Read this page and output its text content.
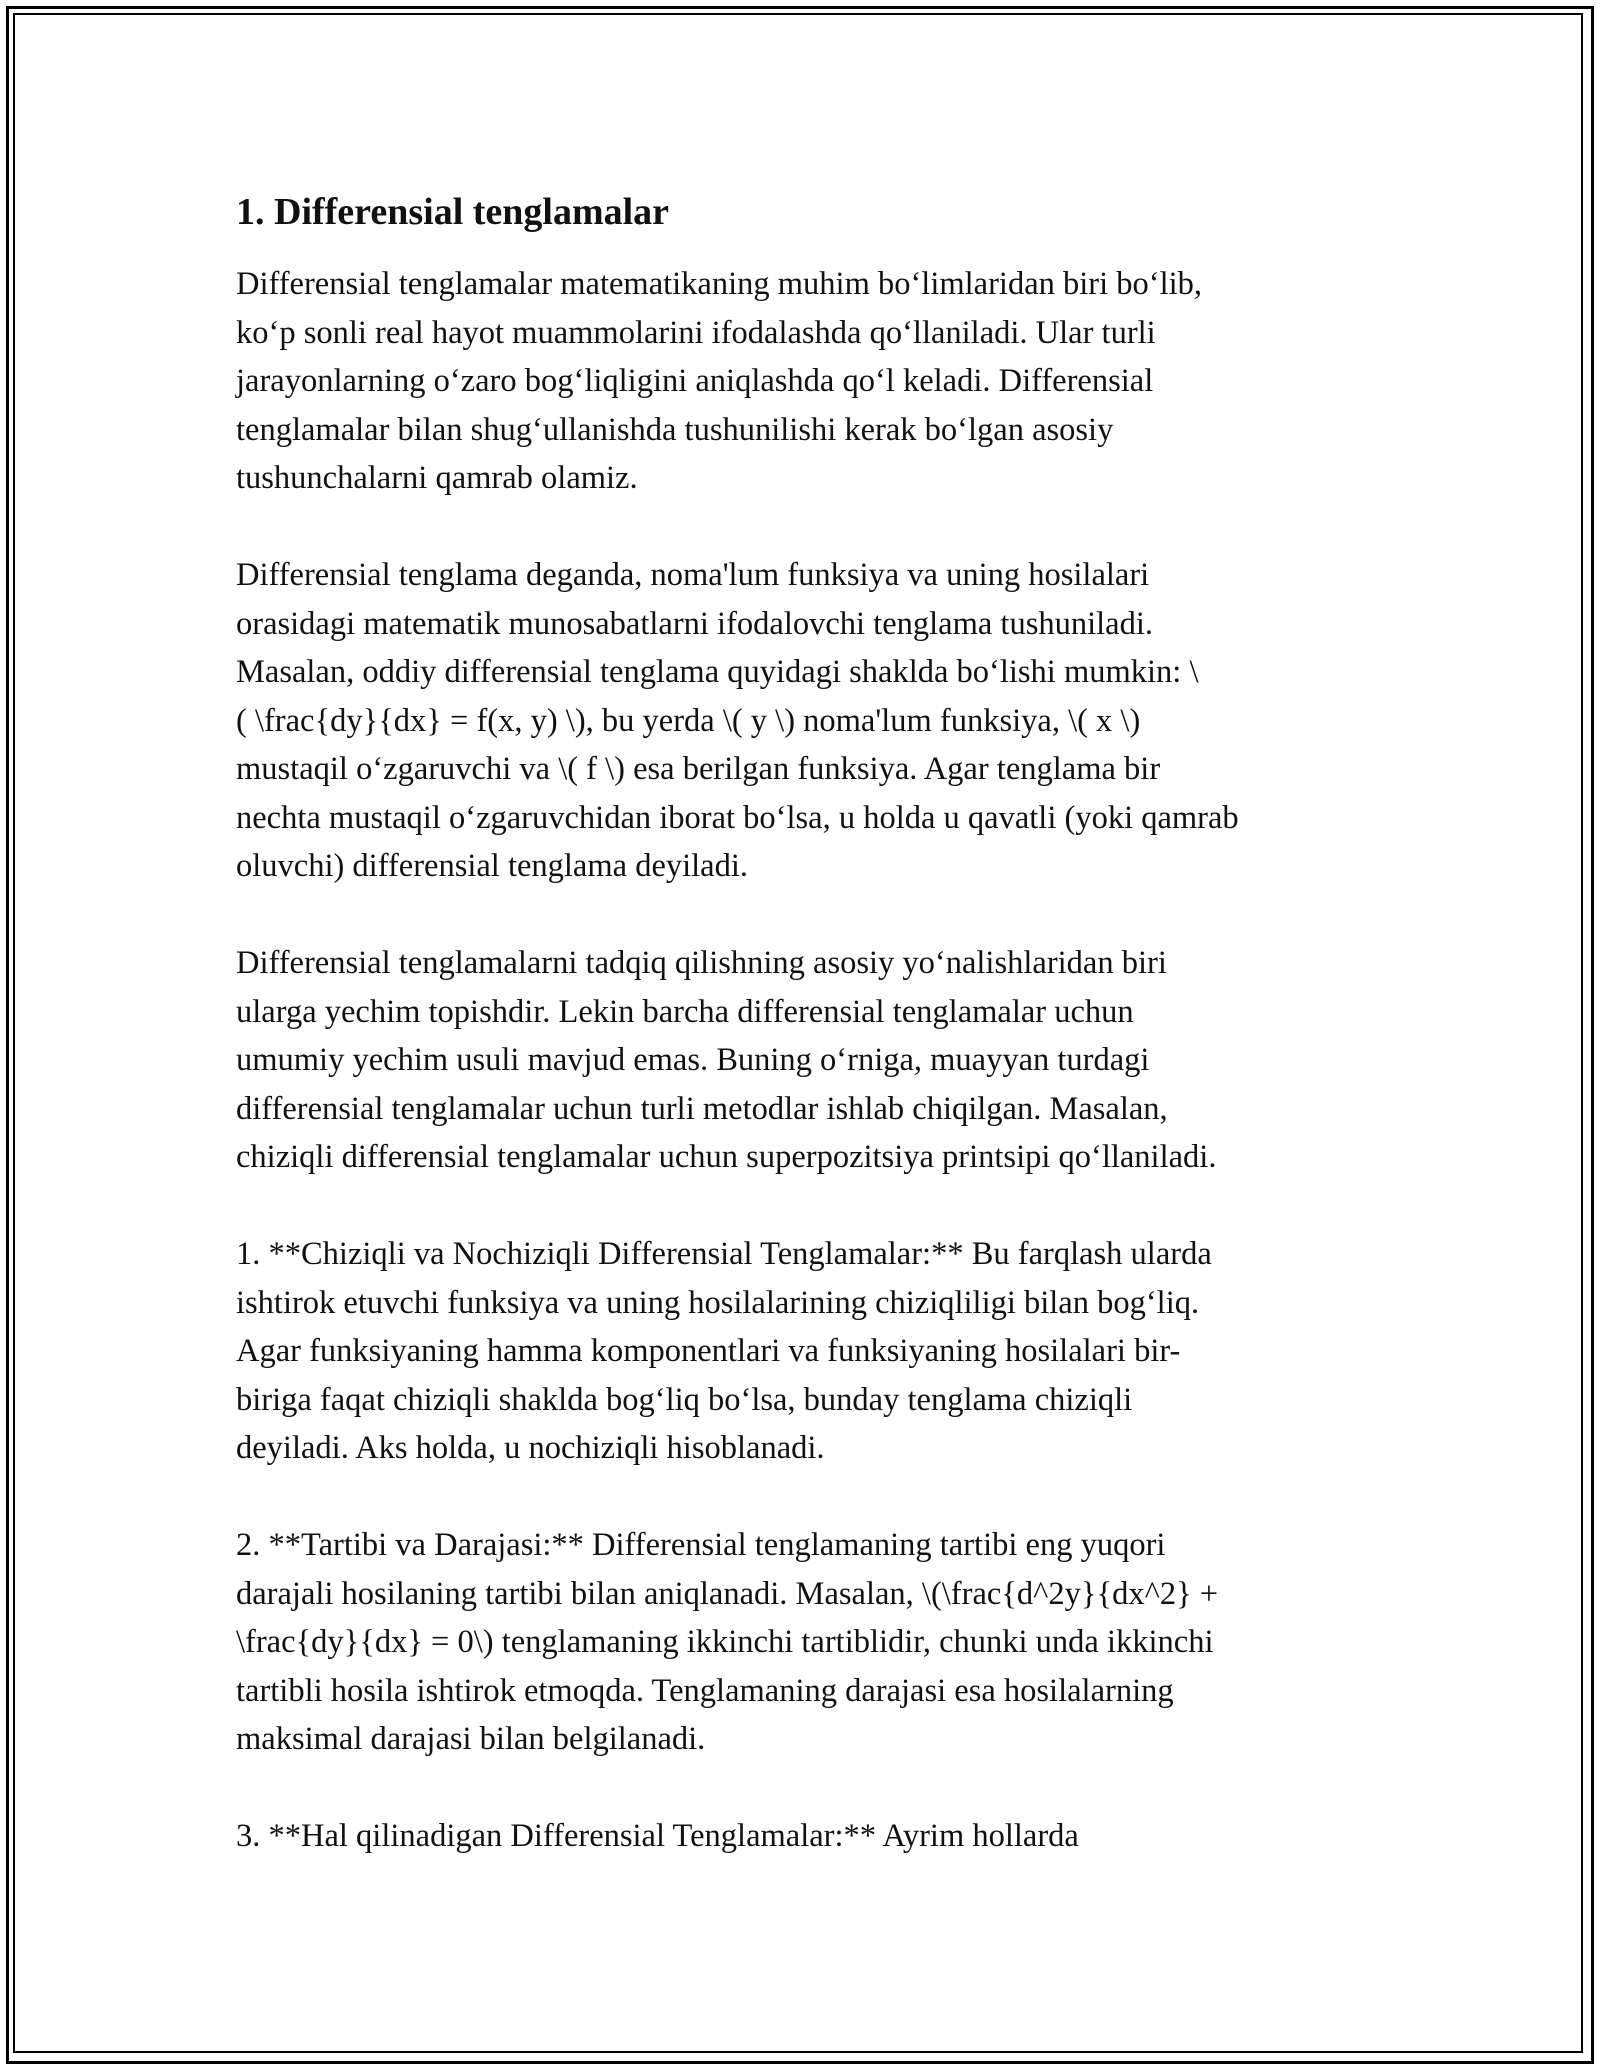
1. Differensial tenglamalar
Differensial tenglamalar matematikaning muhim bo‘limlaridan biri bo‘lib,
ko‘p sonli real hayot muammolarini ifodalashda qo‘llaniladi. Ular turli
jarayonlarning o‘zaro bog‘liqligini aniqlashda qo‘l keladi. Differensial
tenglamalar bilan shug‘ullanishda tushunilishi kerak bo‘lgan asosiy
tushunchalarni qamrab olamiz.
Differensial tenglama deganda, noma'lum funksiya va uning hosilalari
orasidagi matematik munosabatlarni ifodalovchi tenglama tushuniladi.
Masalan, oddiy differensial tenglama quyidagi shaklda bo‘lishi mumkin: \
( \frac{dy}{dx} = f(x, y) \), bu yerda \( y \) noma'lum funksiya, \( x \)
mustaqil o‘zgaruvchi va \( f \) esa berilgan funksiya. Agar tenglama bir
nechta mustaqil o‘zgaruvchidan iborat bo‘lsa, u holda u qavatli (yoki qamrab
oluvchi) differensial tenglama deyiladi.
Differensial tenglamalarni tadqiq qilishning asosiy yo‘nalishlaridan biri
ularga yechim topishdir. Lekin barcha differensial tenglamalar uchun
umumiy yechim usuli mavjud emas. Buning o‘rniga, muayyan turdagi
differensial tenglamalar uchun turli metodlar ishlab chiqilgan. Masalan,
chiziqli differensial tenglamalar uchun superpozitsiya printsipi qo‘llaniladi.
1. **Chiziqli va Nochiziqli Differensial Tenglamalar:** Bu farqlash ularda
ishtirok etuvchi funksiya va uning hosilalarining chiziqliligi bilan bog‘liq.
Agar funksiyaning hamma komponentlari va funksiyaning hosilalari bir-
biriga faqat chiziqli shaklda bog‘liq bo‘lsa, bunday tenglama chiziqli
deyiladi. Aks holda, u nochiziqli hisoblanadi.
2. **Tartibi va Darajasi:** Differensial tenglamaning tartibi eng yuqori
darajali hosilaning tartibi bilan aniqlanadi. Masalan, \(\frac{d^2y}{dx^2} +
\frac{dy}{dx} = 0\) tenglamaning ikkinchi tartiblidir, chunki unda ikkinchi
tartibli hosila ishtirok etmoqda. Tenglamaning darajasi esa hosilalarning
maksimal darajasi bilan belgilanadi.
3. **Hal qilinadigan Differensial Tenglamalar:** Ayrim hollarda
